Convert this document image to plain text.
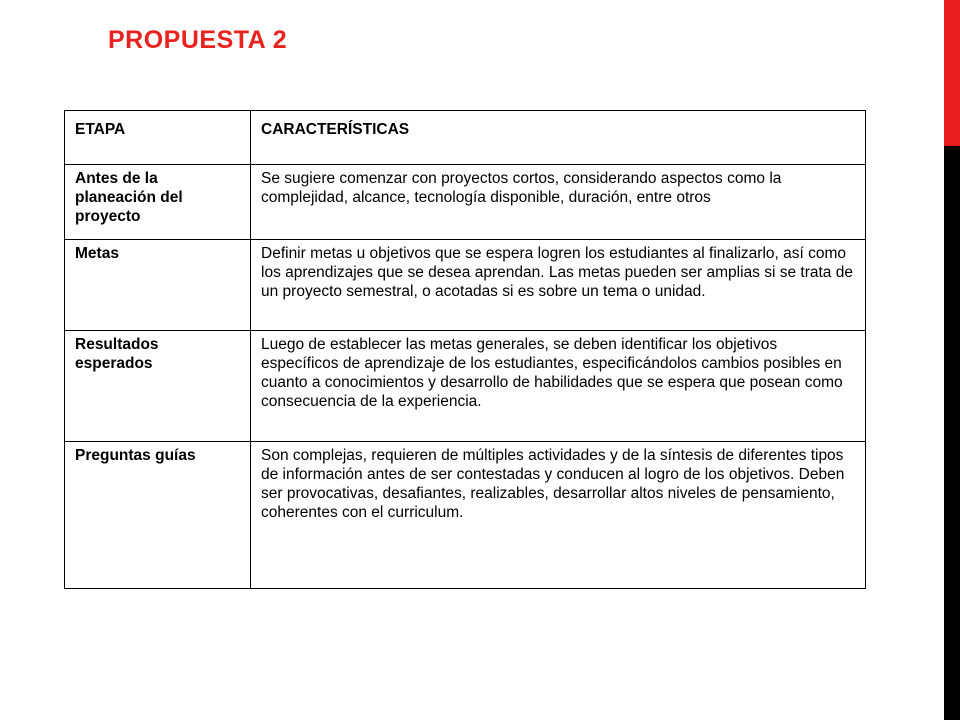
PROPUESTA 2
ETAPA	CARACTERÍSTICAS
Antes de la planeación del proyecto	Se sugiere comenzar con proyectos cortos, considerando aspectos como la complejidad, alcance, tecnología disponible, duración, entre otros
Metas	Definir metas u objetivos que se espera logren los estudiantes al finalizarlo, así como los aprendizajes que se desea aprendan. Las metas pueden ser amplias si se trata de un proyecto semestral, o acotadas si es sobre un tema o unidad.
Resultados esperados	Luego de establecer las metas generales, se deben identificar los objetivos específicos de aprendizaje de los estudiantes, especificándolos cambios posibles en cuanto a conocimientos y desarrollo de habilidades que se espera que posean como consecuencia de la experiencia.
Preguntas guías	Son complejas, requieren de múltiples actividades y de la síntesis de diferentes tipos de información antes de ser contestadas y conducen al logro de los objetivos. Deben ser provocativas, desafiantes, realizables, desarrollar altos niveles de pensamiento, coherentes con el curriculum.
